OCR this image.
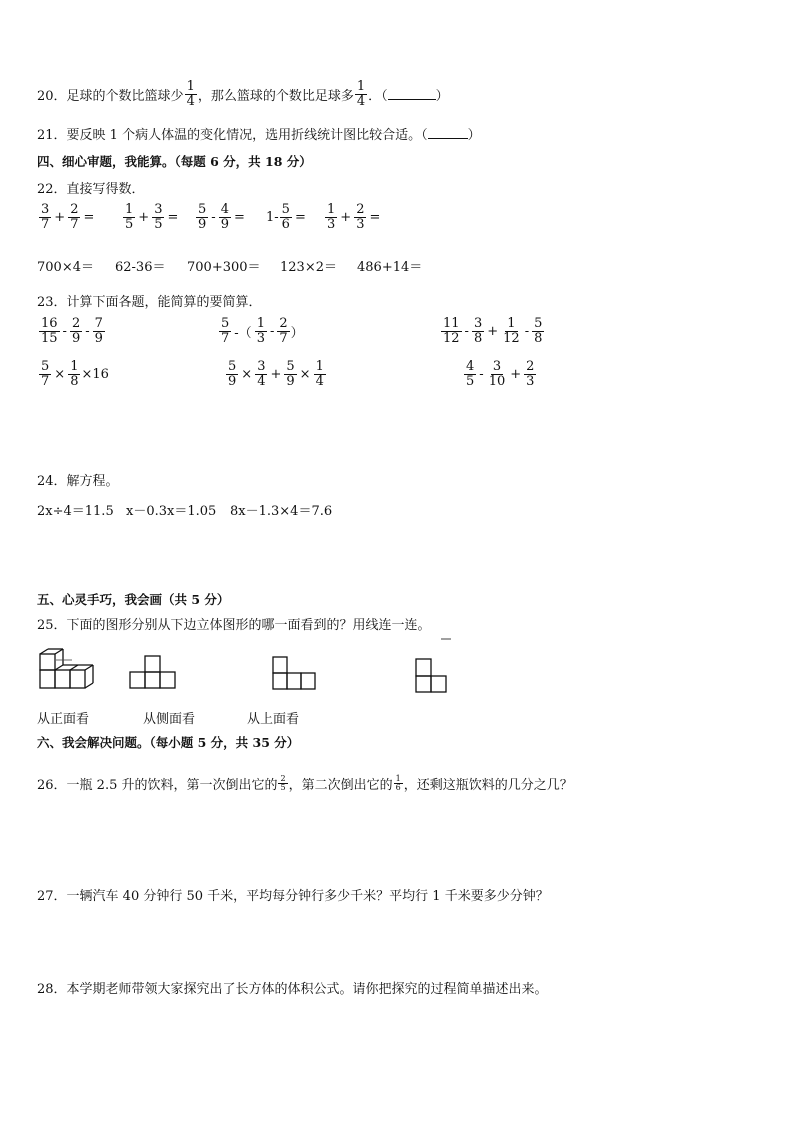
20．足球的个数比篮球少 $\frac{1}{4}$ ，那么篮球的个数比足球多 $\frac{1}{4}$ ．（	）
21．要反映 1 个病人体温的变化情况，选用折线统计图比较合适。（	）
四、细心审题，我能算。（每题 6 分，共 18 分）
22．直接写得数．
$\frac{3}{7} + \frac{2}{7} = \frac{1}{5} + \frac{3}{5} = \frac{5}{9} - \frac{4}{9} = 1- \frac{5}{6} = \frac{1}{3} + \frac{2}{3}$ =
700×4＝ 62-36＝ 700+300＝ 123×2＝ 486+14＝
23．计算下面各题，能简算的要简算．
$\frac{16}{15} - \frac{2}{9} - \frac{7}{9}$	$\frac{5}{7}$ -（ $\frac{1}{3} - \frac{2}{7}$ ）	$\frac{11}{12} - \frac{3}{8} + \frac{1}{12} - \frac{5}{8}$
$\frac{5}{7} \times \frac{1}{8} \times 16$	$\frac{5}{9} \times \frac{3}{4} + \frac{5}{9} \times \frac{1}{4}$	$\frac{4}{5} - \frac{3}{10} + \frac{2}{3}$
24．解方程。
2x÷4＝11.5 x－0.3x＝1.05 8x－1.3×4＝7.6
五、心灵手巧，我会画（共 5 分）
25．下面的图形分别从下边立体图形的哪一面看到的？用线连一连。
从正面看	从侧面看	从上面看
六、我会解决问题。（每小题 5 分，共 35 分）
26．一瓶 2.5 升的饮料，第一次倒出它的 $\frac{2}{5}$ ，第二次倒出它的 $\frac{1}{6}$ ，还剩这瓶饮料的几分之几？
27．一辆汽车 40 分钟行 50 千米，平均每分钟行多少千米？平均行 1 千米要多少分钟？
28．本学期老师带领大家探究出了长方体的体积公式。请你把探究的过程简单描述出来。
